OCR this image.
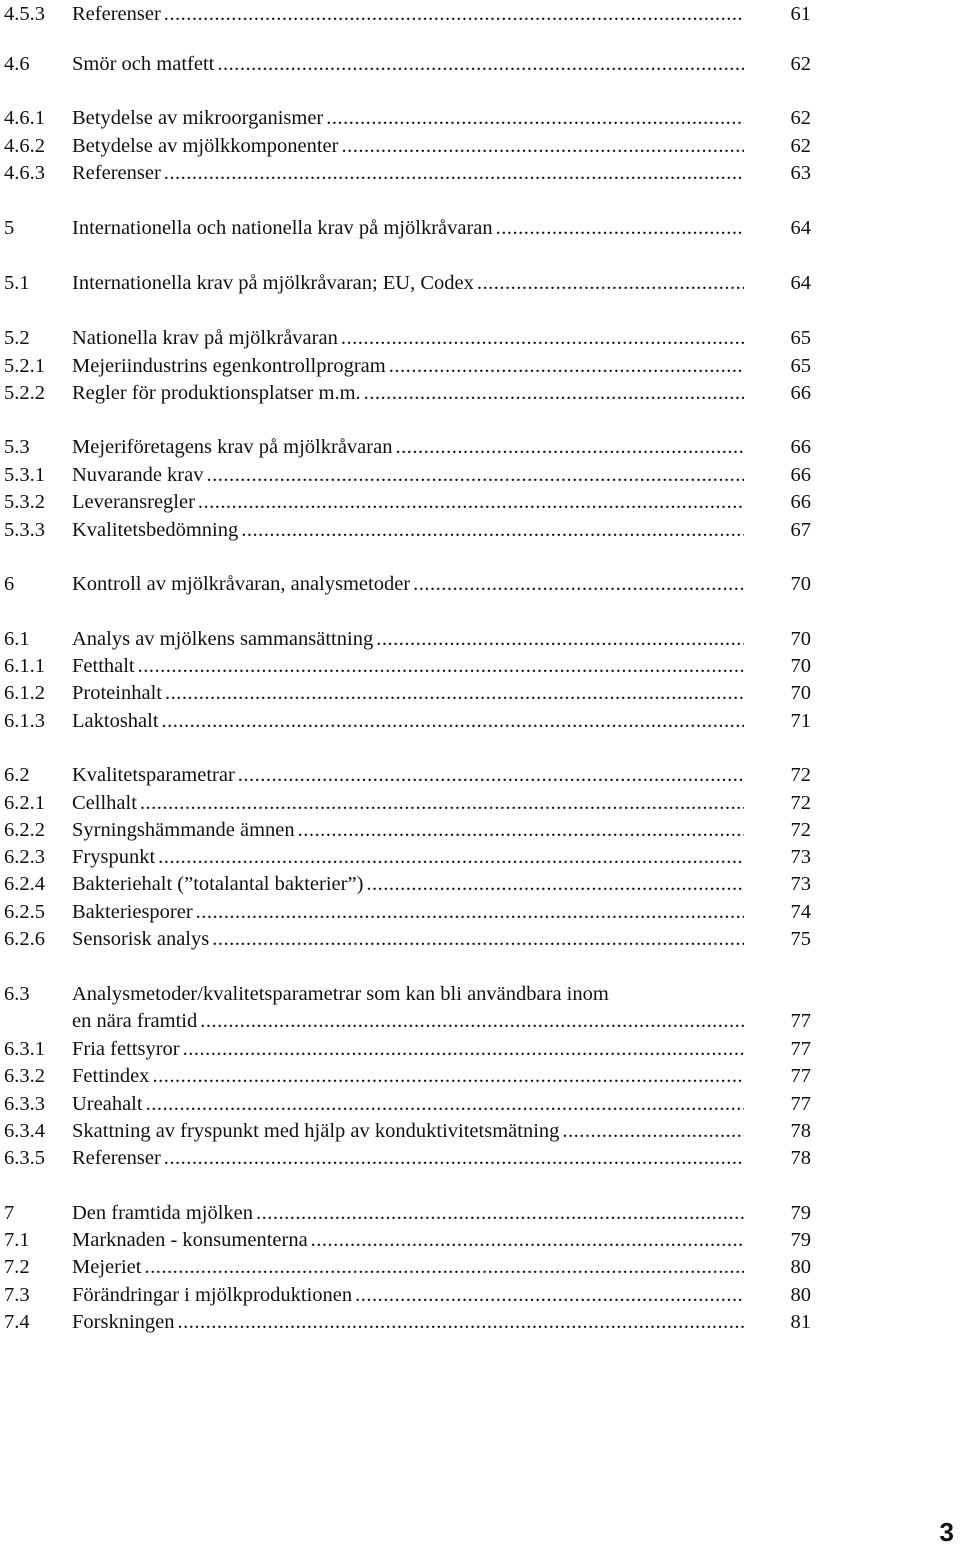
4.5.3 Referenser .....	61
4.6 Smör och matfett .....	62
4.6.1 Betydelse av mikroorganismer .....	62
4.6.2 Betydelse av mjölkkomponenter .....	62
4.6.3 Referenser .....	63
5	Internationella och nationella krav på mjölkråvaran .....	64
5.1 Internationella krav på mjölkråvaran; EU, Codex .....	64
5.2 Nationella krav på mjölkråvaran .....	65
5.2.1 Mejeriindustrins egenkontrollprogram .....	65
5.2.2 Regler för produktionsplatser m.m. .....	66
5.3 Mejeriföretagens krav på mjölkråvaran .....	66
5.3.1 Nuvarande krav .....	66
5.3.2 Leveransregler .....	66
5.3.3 Kvalitetsbedömning .....	67
6	Kontroll av mjölkråvaran, analysmetoder .....	70
6.1 Analys av mjölkens sammansättning .....	70
6.1.1 Fetthalt .....	70
6.1.2 Proteinhalt .....	70
6.1.3 Laktoshalt .....	71
6.2 Kvalitetsparametrar .....	72
6.2.1 Cellhalt .....	72
6.2.2 Syrningshämmande ämnen .....	72
6.2.3 Fryspunkt .....	73
6.2.4 Bakteriehalt (”totalantal bakterier”) .....	73
6.2.5 Bakteriesporer .....	74
6.2.6 Sensorisk analys .....	75
6.3 Analysmetoder/kvalitetsparametrar som kan bli användbara inom
en nära framtid .....	77
6.3.1 Fria fettsyror .....	77
6.3.2 Fettindex .....	77
6.3.3 Ureahalt .....	77
6.3.4 Skattning av fryspunkt med hjälp av konduktivitetsmätning .....	78
6.3.5 Referenser .....	78
7	Den framtida mjölken .....	79
7.1 Marknaden - konsumenterna .....	79
7.2 Mejeriet .....	80
7.3 Förändringar i mjölkproduktionen .....	80
7.4 Forskningen .....	81
3
